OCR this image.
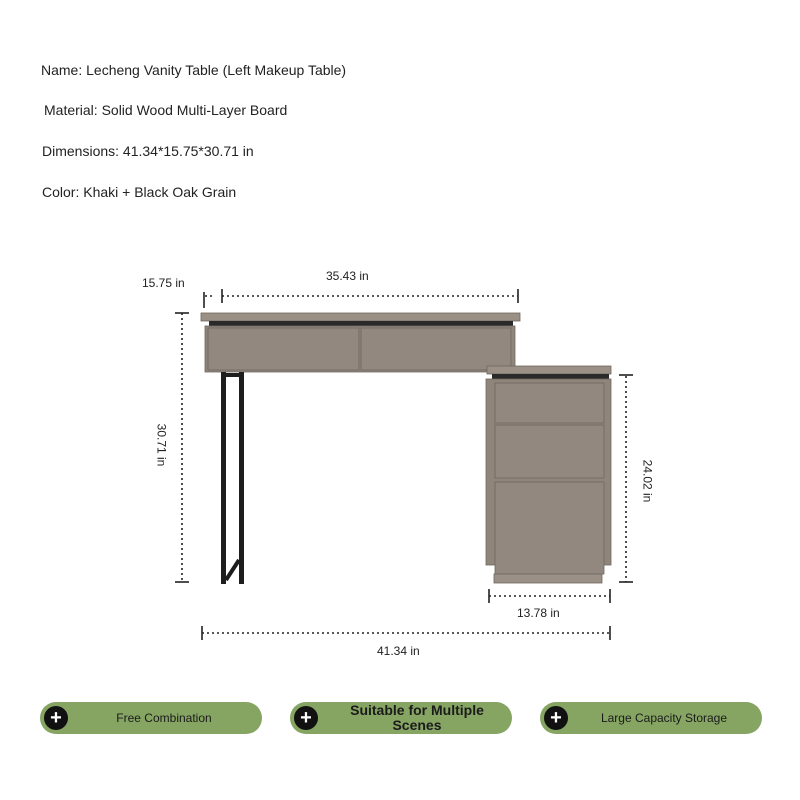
Name: Lecheng Vanity Table (Left Makeup Table)
Material: Solid Wood Multi-Layer Board
Dimensions: 41.34*15.75*30.71 in
Color: Khaki + Black Oak Grain
15.75 in	35.43 in
30.71 in
24.02 in
13.78 in
41.34 in
+	Free Combination	+	Suitable for Multiple Scenes	+	Large Capacity Storage
